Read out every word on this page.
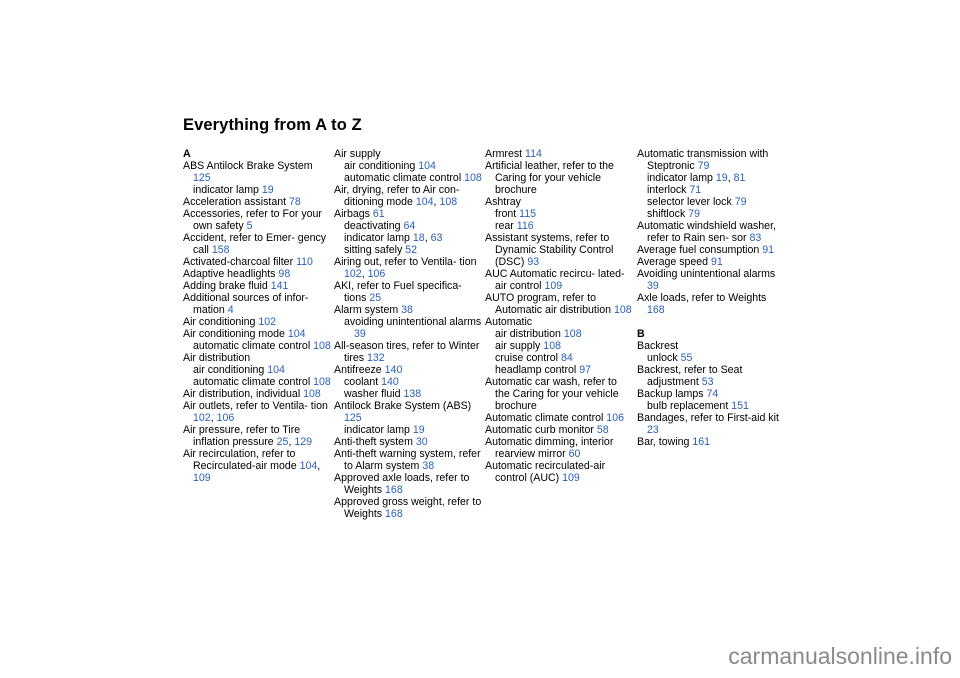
Everything from A to Z
A
ABS Antilock Brake System 125
indicator lamp 19
Acceleration assistant 78
Accessories, refer to For your own safety 5
Accident, refer to Emer- gency call 158
Activated-charcoal filter 110
Adaptive headlights 98
Adding brake fluid 141
Additional sources of infor- mation 4
Air conditioning 102
Air conditioning mode 104
automatic climate control 108
Air distribution
air conditioning 104
automatic climate control 108
Air distribution, individual 108
Air outlets, refer to Ventila- tion 102, 106
Air pressure, refer to Tire inflation pressure 25, 129
Air recirculation, refer to Recirculated-air mode 104, 109
Air supply
air conditioning 104
automatic climate control 108
Air, drying, refer to Air con- ditioning mode 104, 108
Airbags 61
deactivating 64
indicator lamp 18, 63
sitting safely 52
Airing out, refer to Ventila- tion 102, 106
AKI, refer to Fuel specifica- tions 25
Alarm system 38
avoiding unintentional alarms 39
All-season tires, refer to Winter tires 132
Antifreeze 140
coolant 140
washer fluid 138
Antilock Brake System (ABS) 125
indicator lamp 19
Anti-theft system 30
Anti-theft warning system, refer to Alarm system 38
Approved axle loads, refer to Weights 168
Approved gross weight, refer to Weights 168
Armrest 114
Artificial leather, refer to the Caring for your vehicle brochure
Ashtray
front 115
rear 116
Assistant systems, refer to Dynamic Stability Control (DSC) 93
AUC Automatic recircu- lated-air control 109
AUTO program, refer to Automatic air distribution 108
Automatic
air distribution 108
air supply 108
cruise control 84
headlamp control 97
Automatic car wash, refer to the Caring for your vehicle brochure
Automatic climate control 106
Automatic curb monitor 58
Automatic dimming, interior rearview mirror 60
Automatic recirculated-air control (AUC) 109
Automatic transmission with Steptronic 79
indicator lamp 19, 81
interlock 71
selector lever lock 79
shiftlock 79
Automatic windshield washer, refer to Rain sen- sor 83
Average fuel consumption 91
Average speed 91
Avoiding unintentional alarms 39
Axle loads, refer to Weights 168
B
Backrest
unlock 55
Backrest, refer to Seat adjustment 53
Backup lamps 74
bulb replacement 151
Bandages, refer to First-aid kit 23
Bar, towing 161
carmanualsonline.info
